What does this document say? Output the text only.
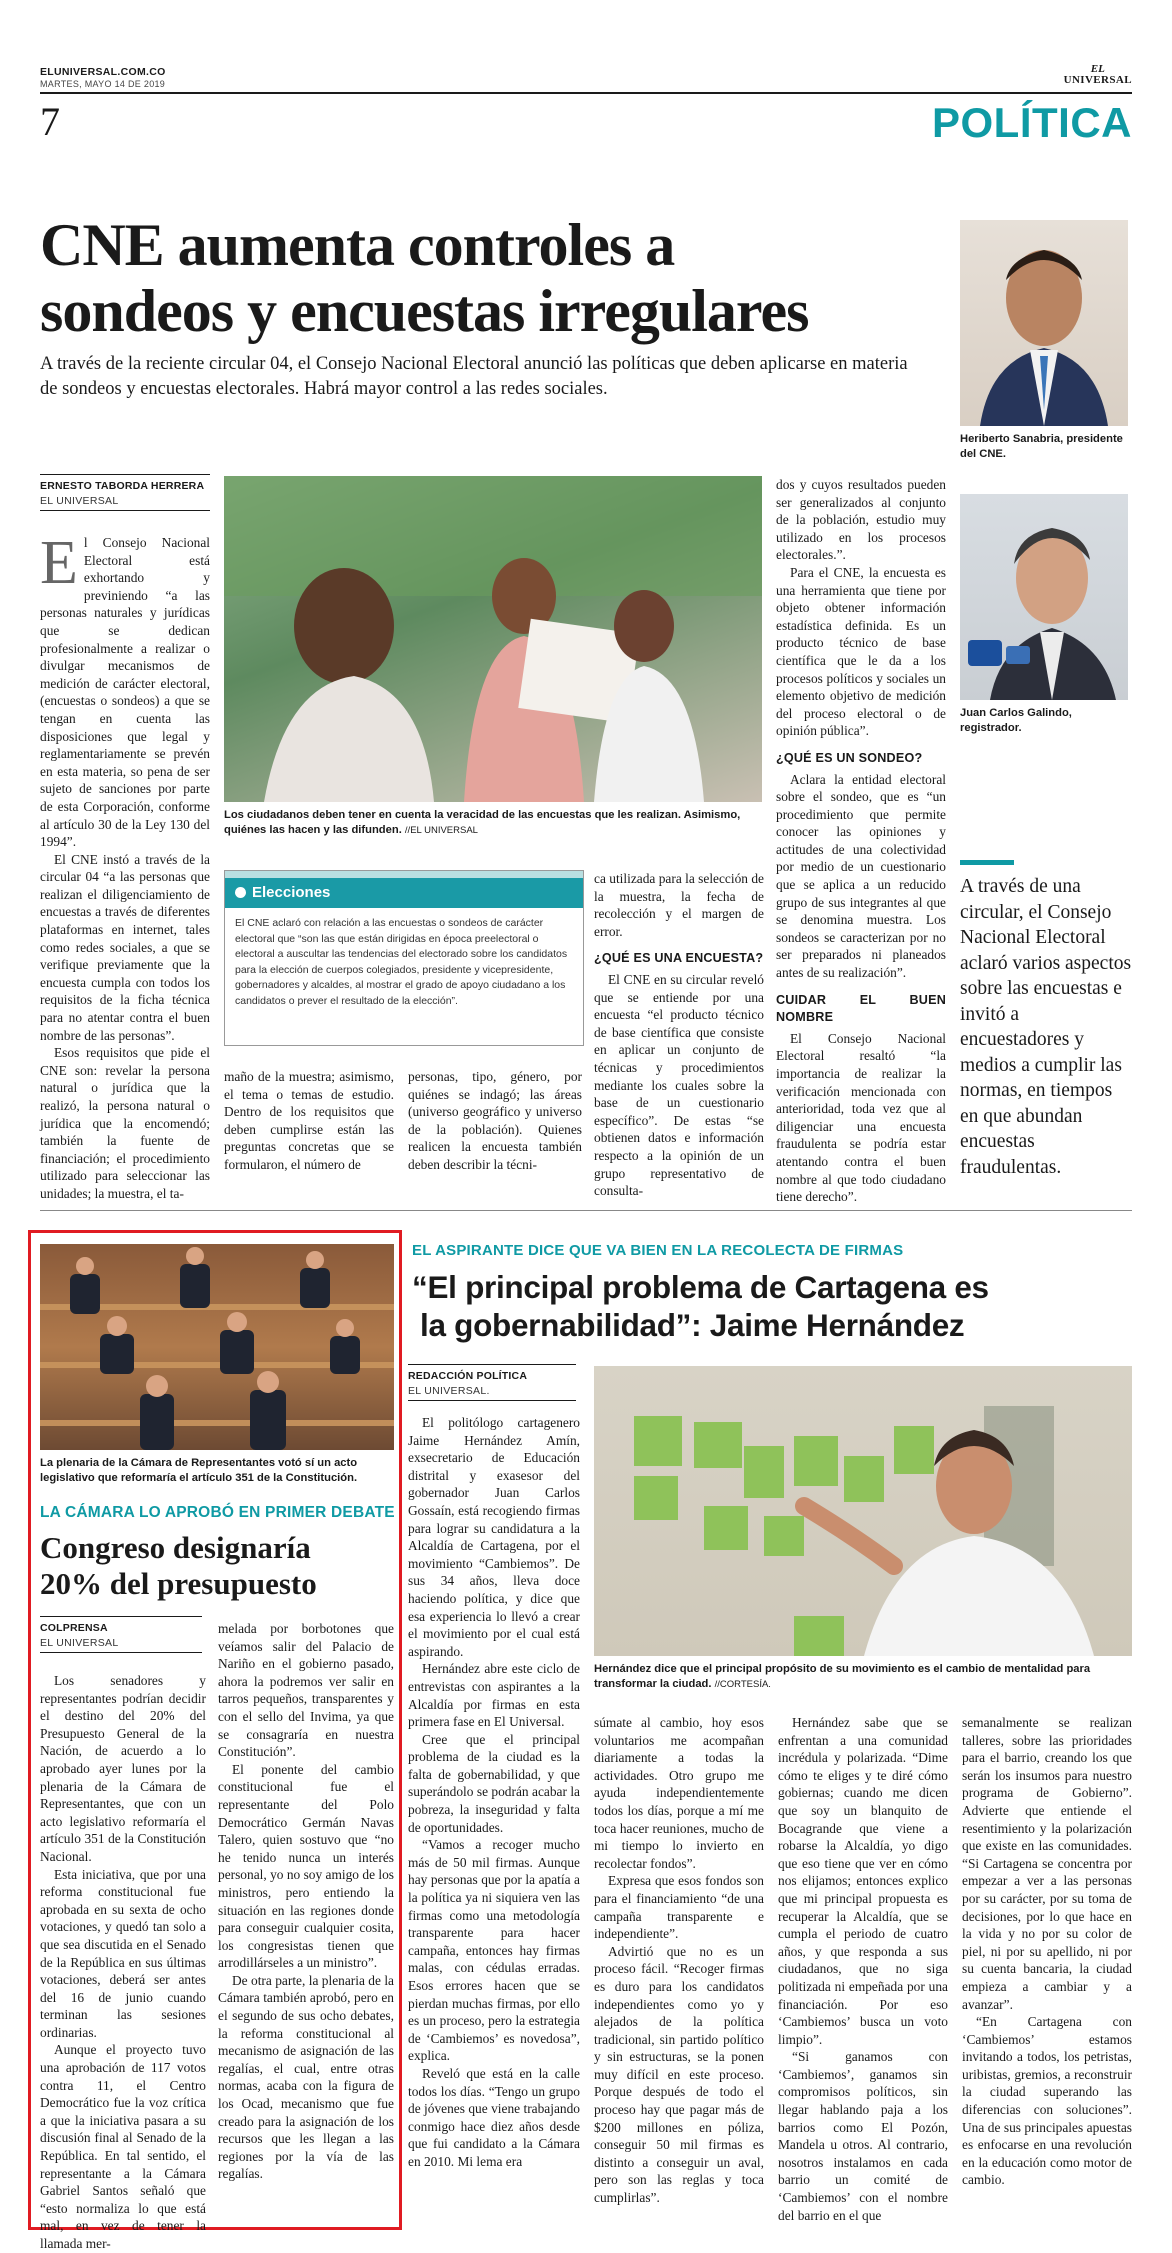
ELUNIVERSAL.COM.CO
MARTES, MAYO 14 DE 2019
EL
UNIVERSAL
7	POLÍTICA
CNE aumenta controles a
sondeos y encuestas irregulares
A través de la reciente circular 04, el Consejo Nacional Electoral anunció las políticas que deben aplicarse en materia de sondeos y encuestas electorales. Habrá mayor control a las redes sociales.
Heriberto Sanabria, presidente del CNE.
Juan Carlos Galindo, registrador.
ERNESTO TABORDA HERRERA
EL UNIVERSAL
Los ciudadanos deben tener en cuenta la veracidad de las encuestas que les realizan. Asimismo, quiénes las hacen y las difunden. //EL UNIVERSAL

El Consejo Nacional Electoral está exhortando y previniendo “a las personas naturales y jurídicas que se dedican profesionalmente a realizar o divulgar mecanismos de medición de carácter electoral, (encuestas o sondeos) a que se tengan en cuenta las disposiciones que legal y reglamentariamente se prevén en esta materia, so pena de ser sujeto de sanciones por parte de esta Corporación, conforme al artículo 30 de la Ley 130 del 1994”.

El CNE instó a través de la circular 04 “a las personas que realizan el diligenciamiento de encuestas a través de diferentes plataformas en internet, tales como redes sociales, a que se verifique previamente que la encuesta cumpla con todos los requisitos de la ficha técnica para no atentar contra el buen nombre de las personas”.

Esos requisitos que pide el CNE son: revelar la persona natural o jurídica que la realizó, la persona natural o jurídica que la encomendó; también la fuente de financiación; el procedimiento utilizado para seleccionar las unidades; la muestra, el ta-

Elecciones
El CNE aclaró con relación a las encuestas o sondeos de carácter electoral que “son las que están dirigidas en época preelectoral o electoral a auscultar las tendencias del electorado sobre los candidatos para la elección de cuerpos colegiados, presidente y vicepresidente, gobernadores y alcaldes, al mostrar el grado de apoyo ciudadano a los candidatos o prever el resultado de la elección”.

maño de la muestra; asimismo, el tema o temas de estudio. Dentro de los requisitos que deben cumplirse están las preguntas concretas que se formularon, el número de

personas, tipo, género, por quiénes se indagó; las áreas (universo geográfico y universo de la población). Quienes realicen la encuesta también deben describir la técni-

ca utilizada para la selección de la muestra, la fecha de recolección y el margen de error.

¿QUÉ ES UNA ENCUESTA?

El CNE en su circular reveló que se entiende por una encuesta “el producto técnico de base científica que consiste en aplicar un conjunto de técnicas y procedimientos mediante los cuales sobre la base de un cuestionario específico”. De estas “se obtienen datos e información respecto a la opinión de un grupo representativo de consulta-

dos y cuyos resultados pueden ser generalizados al conjunto de la población, estudio muy utilizado en los procesos electorales.”.

Para el CNE, la encuesta es una herramienta que tiene por objeto obtener información estadística definida. Es un producto técnico de base científica que le da a los procesos políticos y sociales un elemento objetivo de medición del proceso electoral o de opinión pública”.

¿QUÉ ES UN SONDEO?

Aclara la entidad electoral sobre el sondeo, que es “un procedimiento que permite conocer las opiniones y actitudes de una colectividad por medio de un cuestionario que se aplica a un reducido grupo de sus integrantes al que se denomina muestra. Los sondeos se caracterizan por no ser preparados ni planeados antes de su realización”.

CUIDAR EL BUEN NOMBRE

El Consejo Nacional Electoral resaltó “la importancia de realizar la verificación mencionada con anterioridad, toda vez que al diligenciar una encuesta fraudulenta se podría estar atentando contra el buen nombre al que todo ciudadano tiene derecho”.

A través de una circular, el Consejo Nacional Electoral aclaró varios aspectos sobre las encuestas e invitó a encuestadores y medios a cumplir las normas, en tiempos en que abundan encuestas fraudulentas.
La plenaria de la Cámara de Representantes votó sí un acto legislativo que reformaría el artículo 351 de la Constitución.
LA CÁMARA LO APROBÓ EN PRIMER DEBATE
Congreso designaría
20% del presupuesto
COLPRENSA
EL UNIVERSAL

Los senadores y representantes podrían decidir el destino del 20% del Presupuesto General de la Nación, de acuerdo a lo aprobado ayer lunes por la plenaria de la Cámara de Representantes, que con un acto legislativo reformaría el artículo 351 de la Constitución Nacional.

Esta iniciativa, que por una reforma constitucional fue aprobada en su sexta de ocho votaciones, y quedó tan solo a que sea discutida en el Senado de la República en sus últimas votaciones, deberá ser antes del 16 de junio cuando terminan las sesiones ordinarias.

Aunque el proyecto tuvo una aprobación de 117 votos contra 11, el Centro Democrático fue la voz crítica a que la iniciativa pasara a su discusión final al Senado de la República. En tal sentido, el representante a la Cámara Gabriel Santos señaló que “esto normaliza lo que está mal, en vez de tener la llamada mer-

melada por borbotones que veíamos salir del Palacio de Nariño en el gobierno pasado, ahora la podremos ver salir en tarros pequeños, transparentes y con el sello del Invima, ya que se consagraría en nuestra Constitución”.

El ponente del cambio constitucional fue el representante del Polo Democrático Germán Navas Talero, quien sostuvo que “no he tenido nunca un interés personal, yo no soy amigo de los ministros, pero entiendo la situación en las regiones donde para conseguir cualquier cosita, los congresistas tienen que arrodillárseles a un ministro”.

De otra parte, la plenaria de la Cámara también aprobó, pero en el segundo de sus ocho debates, la reforma constitucional al mecanismo de asignación de las regalías, el cual, entre otras normas, acaba con la figura de los Ocad, mecanismo que fue creado para la asignación de los recursos que les llegan a las regiones por la vía de las regalías.

EL ASPIRANTE DICE QUE VA BIEN EN LA RECOLECTA DE FIRMAS
“El principal problema de Cartagena es
la gobernabilidad”: Jaime Hernández
REDACCIÓN POLÍTICA
EL UNIVERSAL.
Hernández dice que el principal propósito de su movimiento es el cambio de mentalidad para transformar la ciudad. //CORTESÍA.

El politólogo cartagenero Jaime Hernández Amín, exsecretario de Educación distrital y exasesor del gobernador Juan Carlos Gossaín, está recogiendo firmas para lograr su candidatura a la Alcaldía de Cartagena, por el movimiento “Cambiemos”. De sus 34 años, lleva doce haciendo política, y dice que esa experiencia lo llevó a crear el movimiento por el cual está aspirando.

Hernández abre este ciclo de entrevistas con aspirantes a la Alcaldía por firmas en esta primera fase en El Universal.

Cree que el principal problema de la ciudad es la falta de gobernabilidad, y que superándolo se podrán acabar la pobreza, la inseguridad y falta de oportunidades.

“Vamos a recoger mucho más de 50 mil firmas. Aunque hay personas que por la apatía a la política ya ni siquiera ven las firmas como una metodología transparente para hacer campaña, entonces hay firmas malas, con cédulas erradas. Esos errores hacen que se pierdan muchas firmas, por ello es un proceso, pero la estrategia de ‘Cambiemos’ es novedosa”, explica.

Reveló que está en la calle todos los días. “Tengo un grupo de jóvenes que viene trabajando conmigo hace diez años desde que fui candidato a la Cámara en 2010. Mi lema era

súmate al cambio, hoy esos voluntarios me acompañan diariamente a todas la actividades. Otro grupo me ayuda independientemente todos los días, porque a mí me toca hacer reuniones, mucho de mi tiempo lo invierto en recolectar fondos”.

Expresa que esos fondos son para el financiamiento “de una campaña transparente e independiente”.

Advirtió que no es un proceso fácil. “Recoger firmas es duro para los candidatos independientes como yo y alejados de la política tradicional, sin partido político y sin estructuras, se la ponen muy difícil en este proceso. Porque después de todo el proceso hay que pagar más de $200 millones en póliza, conseguir 50 mil firmas es distinto a conseguir un aval, pero son las reglas y toca cumplirlas”.

Hernández sabe que se enfrentan a una comunidad incrédula y polarizada. “Dime cómo te eliges y te diré cómo gobiernas; cuando me dicen que soy un blanquito de Bocagrande que viene a robarse la Alcaldía, yo digo que eso tiene que ver en cómo nos elijamos; entonces explico que mi principal propuesta es recuperar la Alcaldía, que se cumpla el periodo de cuatro años, y que responda a sus ciudadanos, que no siga politizada ni empeñada por una financiación. Por eso ‘Cambiemos’ busca un voto limpio”.

“Si ganamos con ‘Cambiemos’, ganamos sin compromisos políticos, sin llegar hablando paja a los barrios como El Pozón, Mandela u otros. Al contrario, nosotros instalamos en cada barrio un comité de ‘Cambiemos’ con el nombre del barrio en el que

semanalmente se realizan talleres, sobre las prioridades para el barrio, creando los que serán los insumos para nuestro programa de Gobierno”. Advierte que entiende el resentimiento y la polarización que existe en las comunidades. “Si Cartagena se concentra por empezar a ver a las personas por su carácter, por su toma de decisiones, por lo que hace en la vida y no por su color de piel, ni por su apellido, ni por su cuenta bancaria, la ciudad empieza a cambiar y a avanzar”.

“En Cartagena con ‘Cambiemos’ estamos invitando a todos, los petristas, uribistas, gremios, a reconstruir la ciudad superando las diferencias con soluciones”. Una de sus principales apuestas es enfocarse en una revolución en la educación como motor de cambio.
